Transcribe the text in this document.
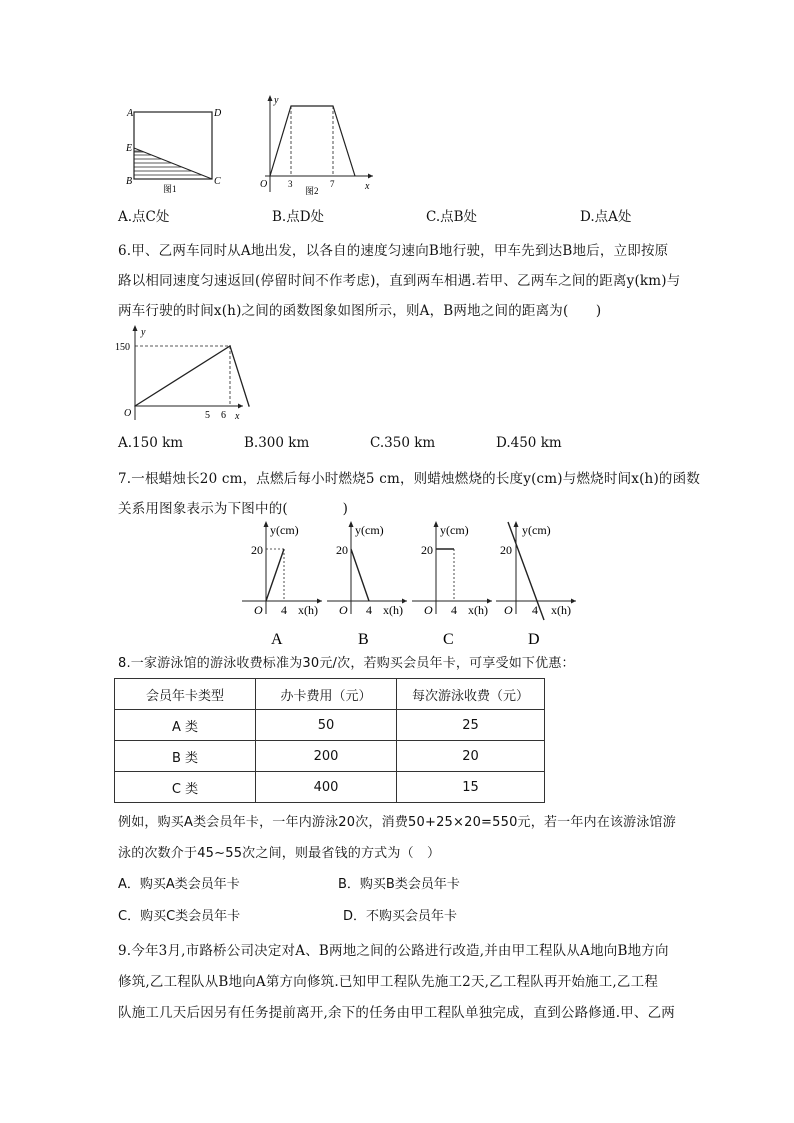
A	D
E
B	C
图1
y
x
O 3	7
图2
A.点C处	B.点D处	C.点B处	D.点A处
6.甲、乙两车同时从A地出发，以各自的速度匀速向B地行驶，甲车先到达B地后，立即按原
路以相同速度匀速返回(停留时间不作考虑)，直到两车相遇.若甲、乙两车之间的距离y(km)与
两车行驶的时间x(h)之间的函数图象如图所示，则A，B两地之间的距离为(　　)
y
x
O
150
5 6
A.150 km	B.300 km	C.350 km	D.450 km
7.一根蜡烛长20 cm，点燃后每小时燃烧5 cm，则蜡烛燃烧的长度y(cm)与燃烧时间x(h)的函数
关系用图象表示为下图中的(　　　　)
y(cm)
20
O 4 x(h)
A
y(cm)
20
O 4 x(h)
B
y(cm)
20
O 4 x(h)
C
y(cm)
20
O 4 x(h)
D
8.一家游泳馆的游泳收费标准为30元/次，若购买会员年卡，可享受如下优惠：
会员年卡类型	办卡费用（元）	每次游泳收费（元）
A 类	50	25
B 类	200	20
C 类	400	15
例如，购买A类会员年卡，一年内游泳20次，消费50+25×20=550元，若一年内在该游泳馆游
泳的次数介于45~55次之间，则最省钱的方式为（　）
A．购买A类会员年卡	B．购买B类会员年卡
C．购买C类会员年卡	D．不购买会员年卡
9.今年3月,市路桥公司决定对A、B两地之间的公路进行改造,并由甲工程队从A地向B地方向
修筑,乙工程队从B地向A第方向修筑.已知甲工程队先施工2天,乙工程队再开始施工,乙工程
队施工几天后因另有任务提前离开,余下的任务由甲工程队单独完成，直到公路修通.甲、乙两
